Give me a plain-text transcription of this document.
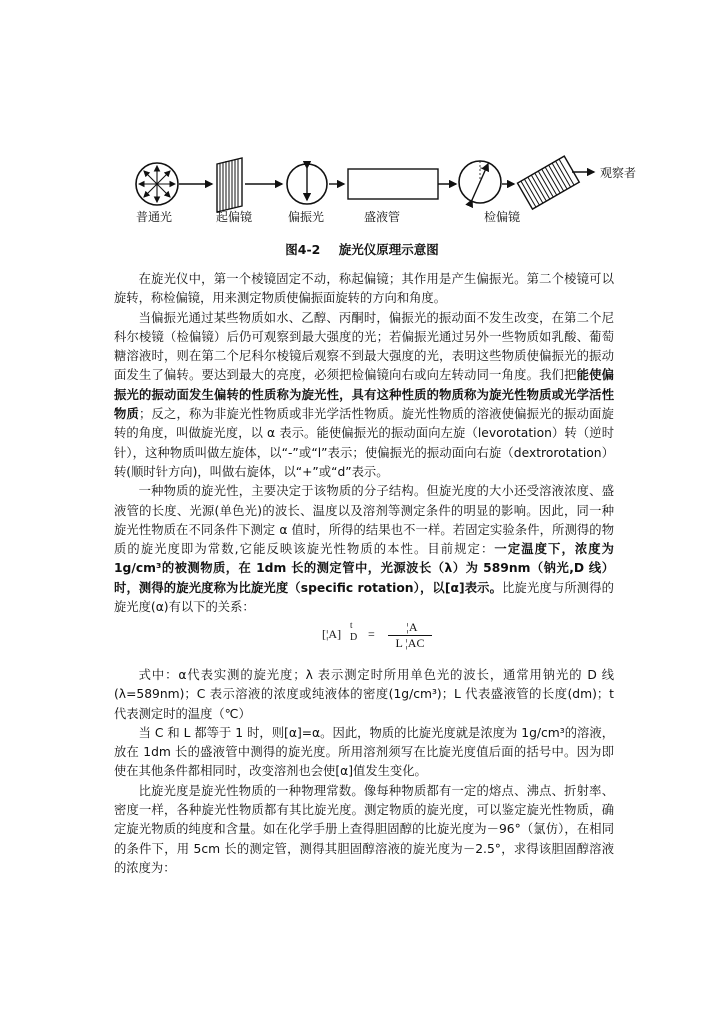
观察者
普通光	起偏镜	偏振光	盛液管	检偏镜
图4-2 旋光仪原理示意图

在旋光仪中，第一个棱镜固定不动，称起偏镜；其作用是产生偏振光。第二个棱镜可以旋转，称检偏镜，用来测定物质使偏振面旋转的方向和角度。

当偏振光通过某些物质如水、乙醇、丙酮时，偏振光的振动面不发生改变，在第二个尼科尔棱镜（检偏镜）后仍可观察到最大强度的光；若偏振光通过另外一些物质如乳酸、葡萄糖溶液时，则在第二个尼科尔棱镜后观察不到最大强度的光，表明这些物质使偏振光的振动面发生了偏转。要达到最大的亮度，必须把检偏镜向右或向左转动同一角度。我们把能使偏振光的振动面发生偏转的性质称为旋光性，具有这种性质的物质称为旋光性物质或光学活性物质；反之，称为非旋光性物质或非光学活性物质。旋光性物质的溶液使偏振光的振动面旋转的角度，叫做旋光度，以 α 表示。能使偏振光的振动面向左旋（levorotation）转（逆时针），这种物质叫做左旋体，以“-”或“l”表示；使偏振光的振动面向右旋（dextrorotation）转(顺时针方向)，叫做右旋体，以“+”或“d”表示。

一种物质的旋光性，主要决定于该物质的分子结构。但旋光度的大小还受溶液浓度、盛液管的长度、光源(单色光)的波长、温度以及溶剂等测定条件的明显的影响。因此，同一种旋光性物质在不同条件下测定 α 值时，所得的结果也不一样。若固定实验条件，所测得的物质的旋光度即为常数,它能反映该旋光性物质的本性。目前规定：一定温度下，浓度为 1g/cm³的被测物质，在 1dm 长的测定管中，光源波长（λ）为 589nm（钠光,D 线）时，测得的旋光度称为比旋光度（specific rotation），以[α]表示。比旋光度与所测得的旋光度(α)有以下的关系：

[¦A]
t
D =	¦A
L ¦AC

式中：α代表实测的旋光度；λ 表示测定时所用单色光的波长，通常用钠光的 D 线(λ=589nm)；C 表示溶液的浓度或纯液体的密度(1g/cm³)；L 代表盛液管的长度(dm)；t 代表测定时的温度（℃）

当 C 和 L 都等于 1 时，则[α]=α。因此，物质的比旋光度就是浓度为 1g/cm³的溶液，放在 1dm 长的盛液管中测得的旋光度。所用溶剂须写在比旋光度值后面的括号中。因为即使在其他条件都相同时，改变溶剂也会使[α]值发生变化。

比旋光度是旋光性物质的一种物理常数。像每种物质都有一定的熔点、沸点、折射率、密度一样，各种旋光性物质都有其比旋光度。测定物质的旋光度，可以鉴定旋光性物质，确定旋光物质的纯度和含量。如在化学手册上查得胆固醇的比旋光度为－96°（氯仿），在相同的条件下，用 5cm 长的测定管，测得其胆固醇溶液的旋光度为－2.5°，求得该胆固醇溶液的浓度为：
